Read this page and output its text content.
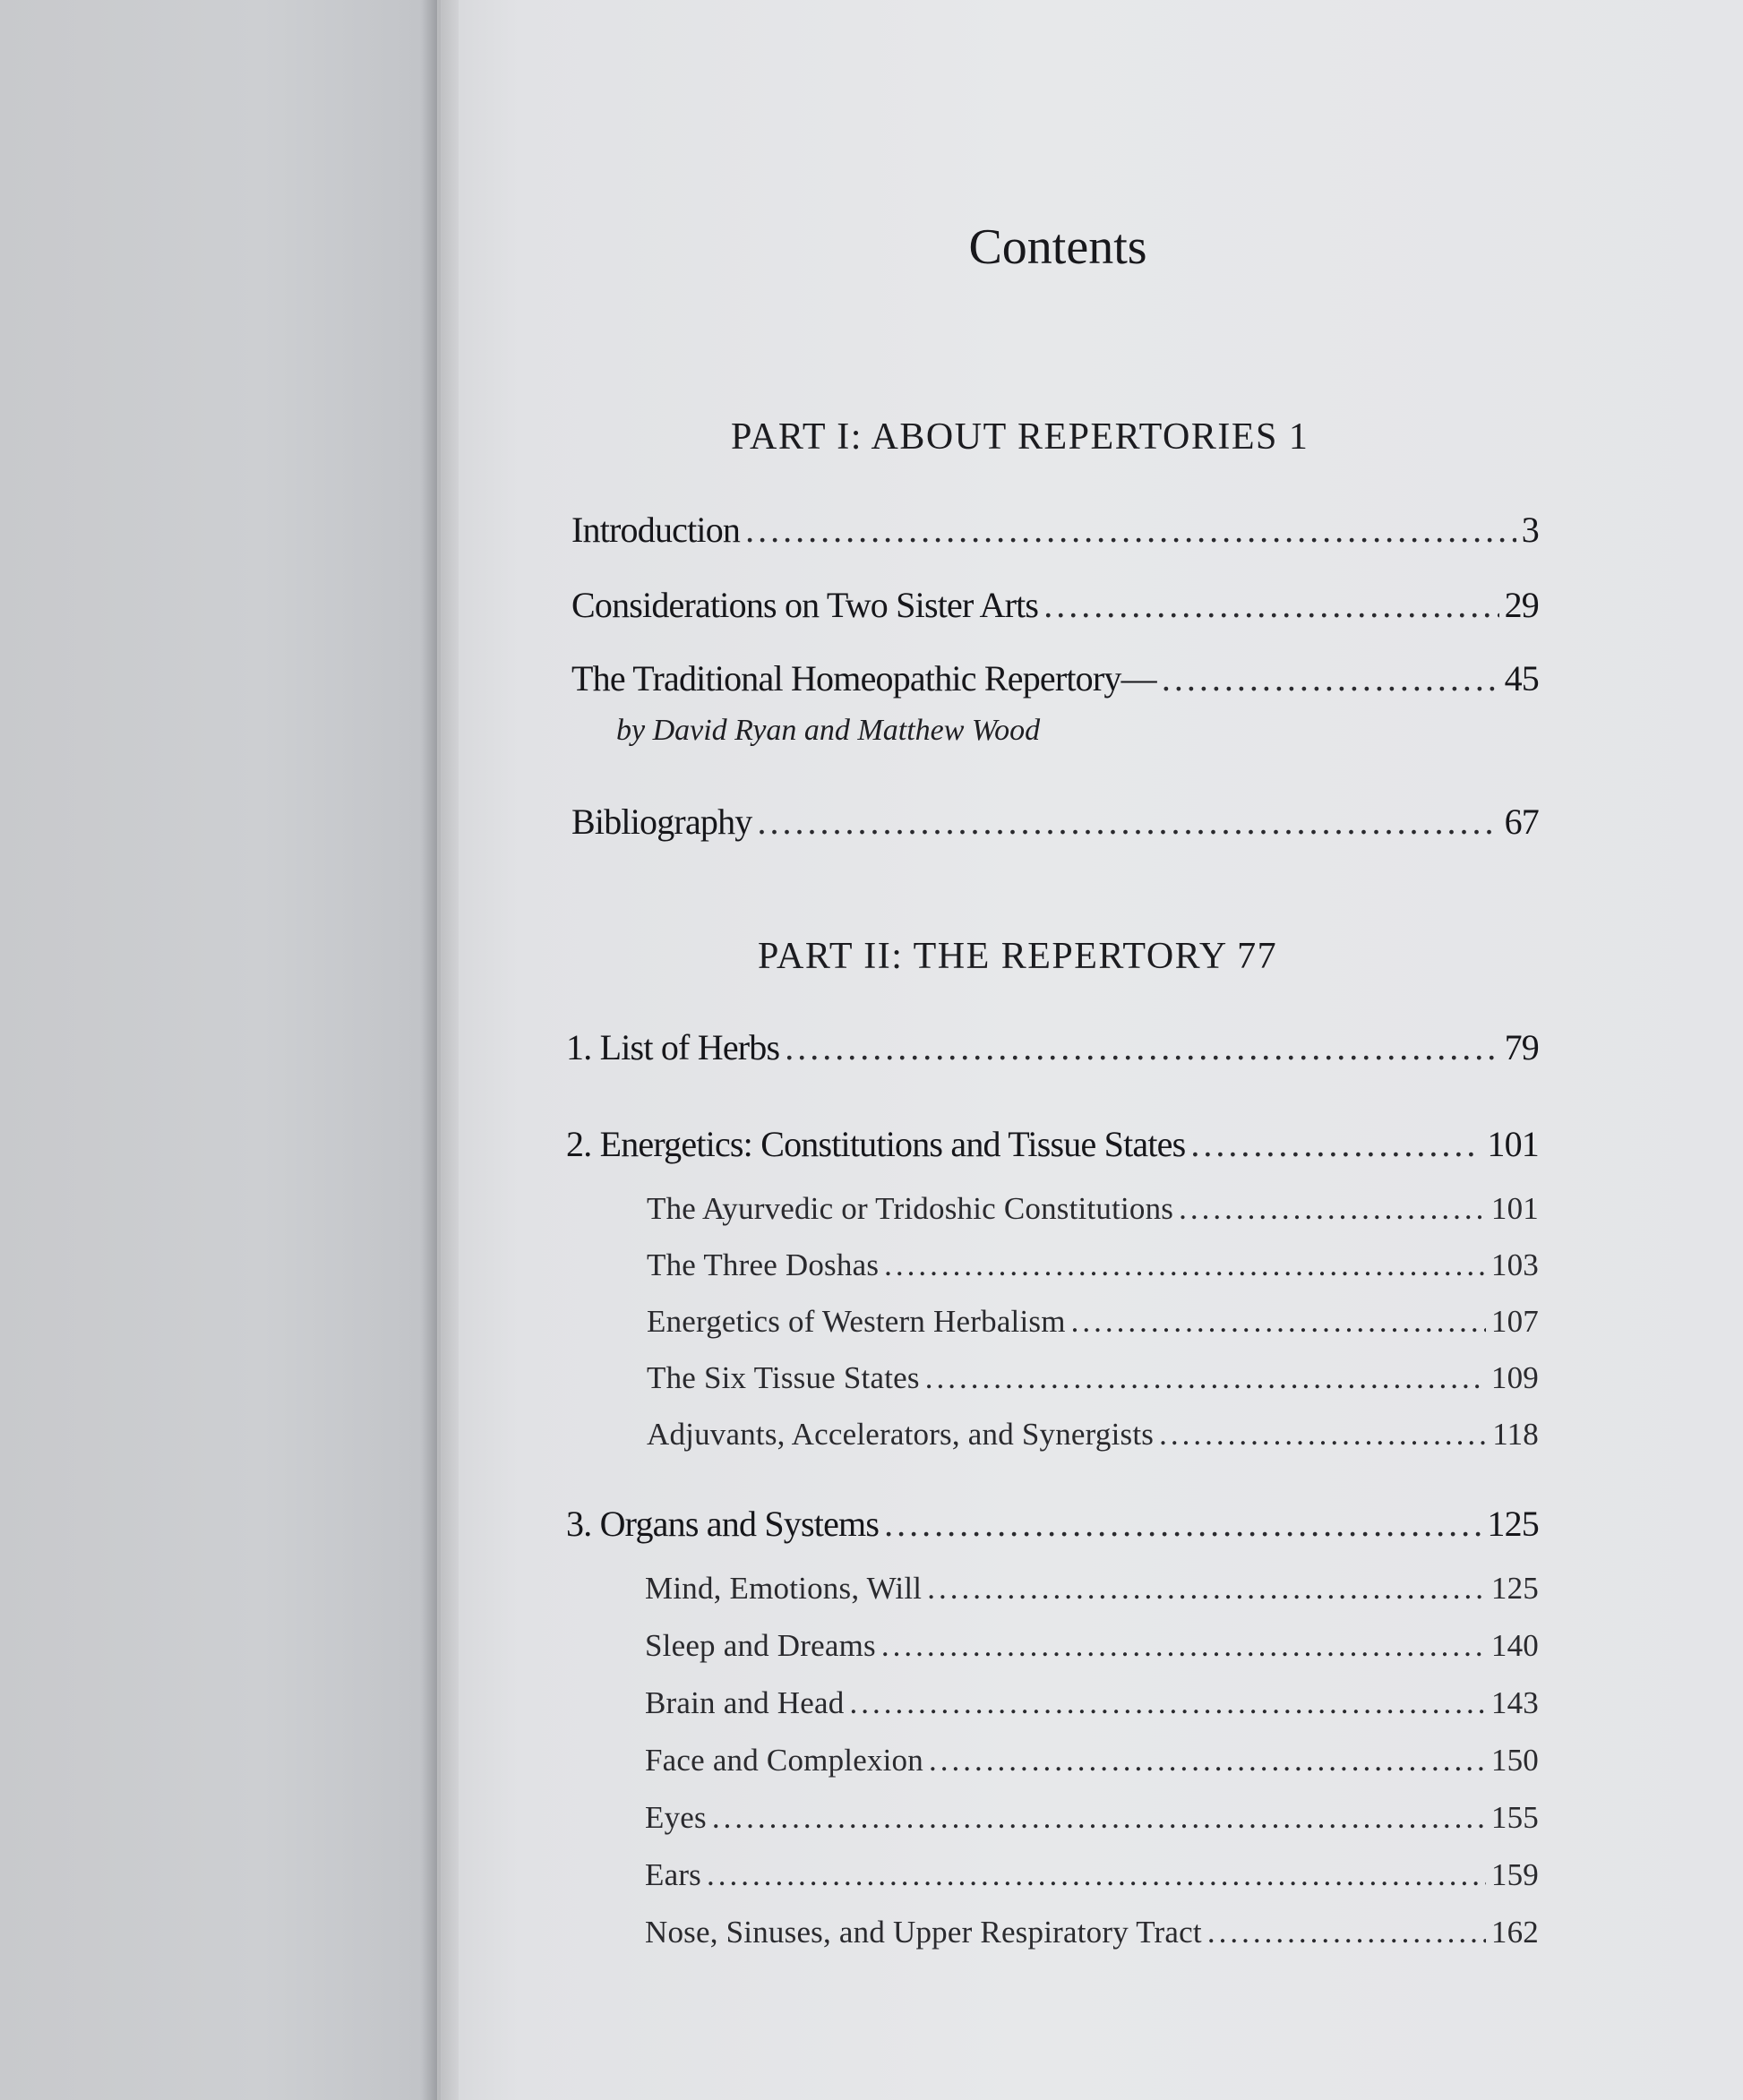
Contents
PART I: ABOUT REPERTORIES 1
Introduction .....	3
Considerations on Two Sister Arts .....	29
The Traditional Homeopathic Repertory— .....	45
by David Ryan and Matthew Wood
Bibliography .....	67
PART II: THE REPERTORY 77
1. List of Herbs .....	79
2. Energetics: Constitutions and Tissue States .....	101
The Ayurvedic or Tridoshic Constitutions .....	101
The Three Doshas .....	103
Energetics of Western Herbalism .....	107
The Six Tissue States .....	109
Adjuvants, Accelerators, and Synergists .....	118
3. Organs and Systems .....	125
Mind, Emotions, Will .....	125
Sleep and Dreams .....	140
Brain and Head .....	143
Face and Complexion .....	150
Eyes .....	155
Ears .....	159
Nose, Sinuses, and Upper Respiratory Tract .....	162
